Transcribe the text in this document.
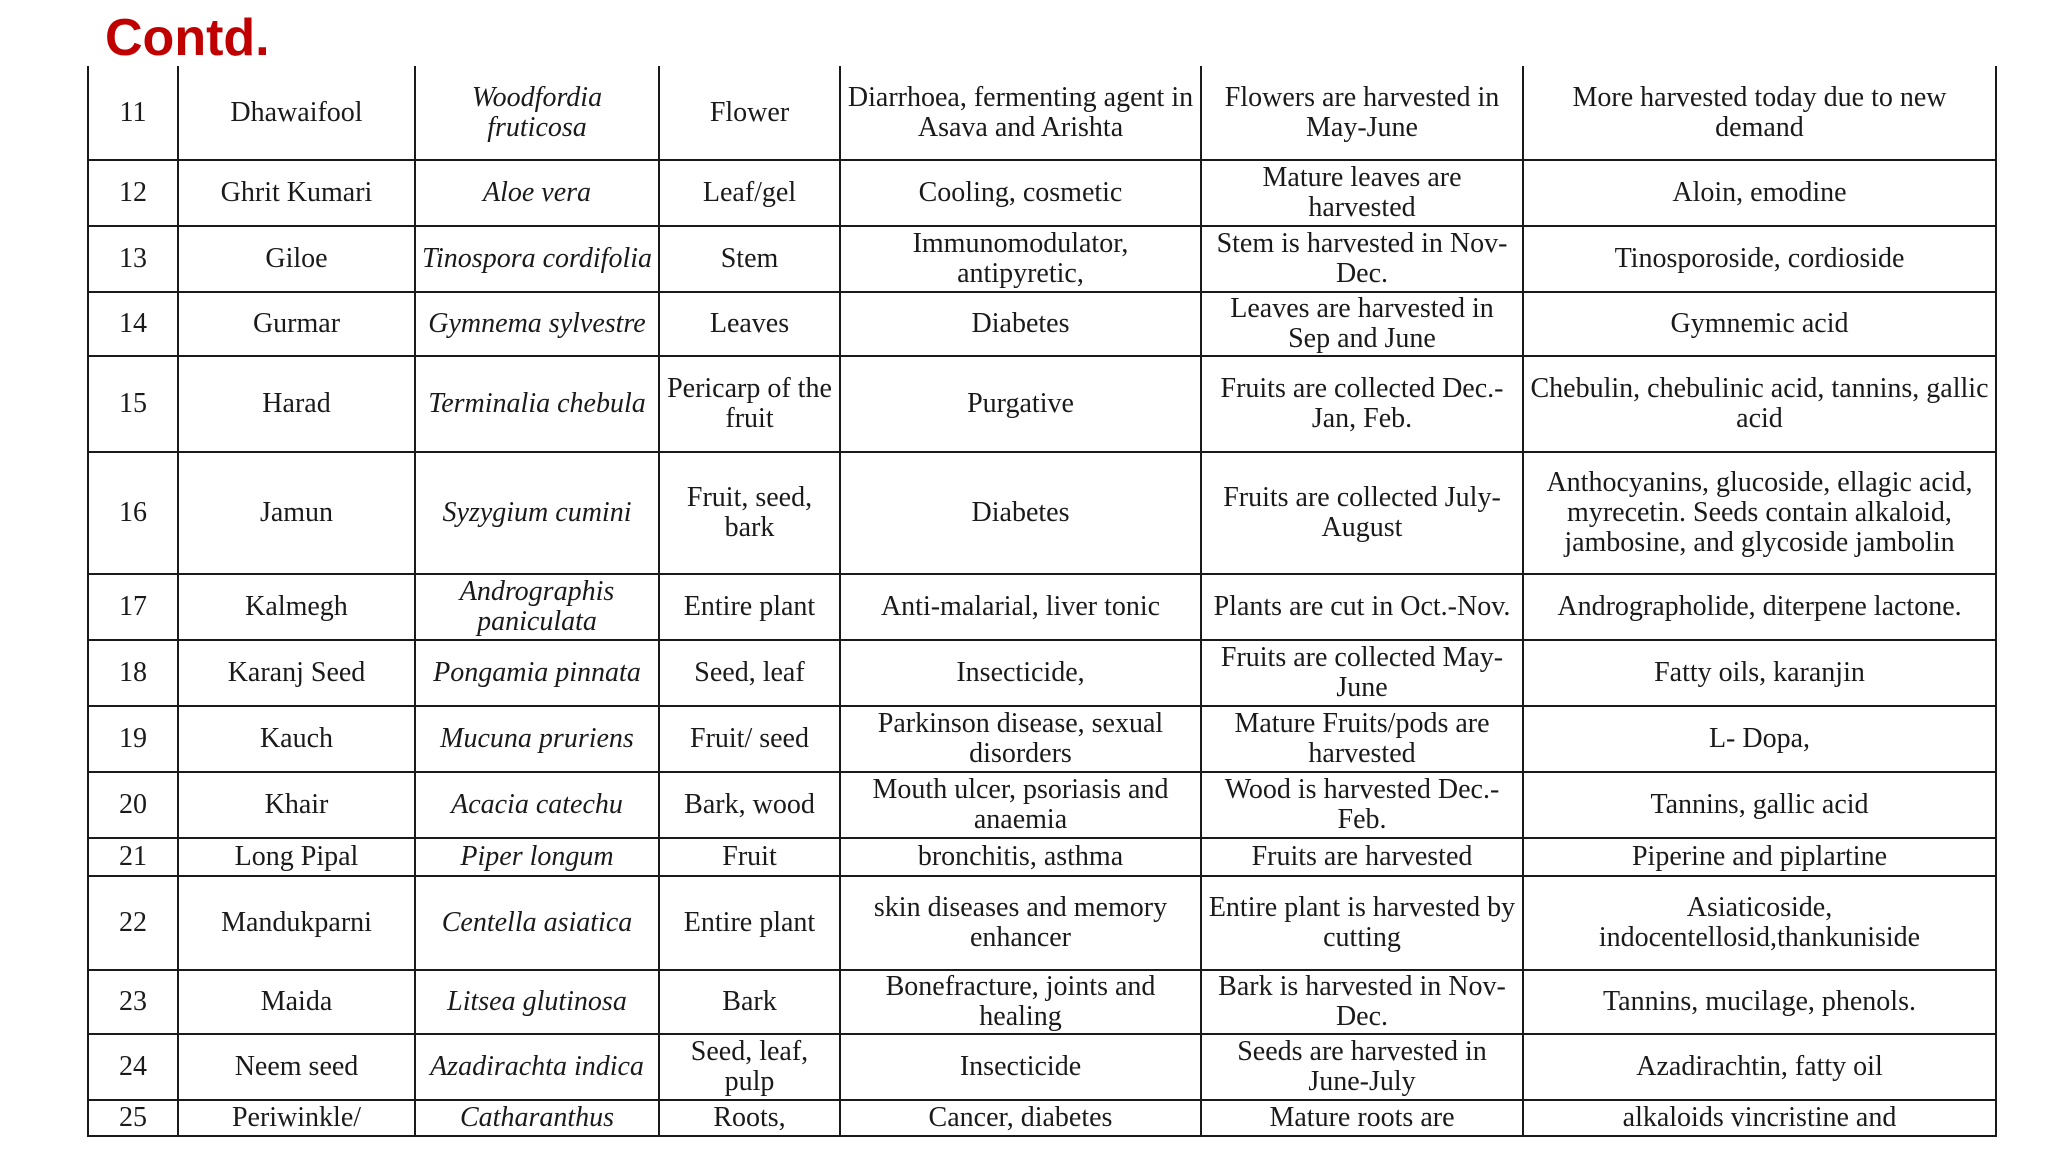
Contd.
11	Dhawaifool	Woodfordia fruticosa	Flower	Diarrhoea, fermenting agent in Asava and Arishta	Flowers are harvested in May-June	More harvested today due to new demand
12	Ghrit Kumari	Aloe vera	Leaf/gel	Cooling, cosmetic	Mature leaves are harvested	Aloin, emodine
13	Giloe	Tinospora cordifolia	Stem	Immunomodulator, antipyretic,	Stem is harvested in Nov-Dec.	Tinosporoside, cordioside
14	Gurmar	Gymnema sylvestre	Leaves	Diabetes	Leaves are harvested in Sep and June	Gymnemic acid
15	Harad	Terminalia chebula	Pericarp of the fruit	Purgative	Fruits are collected Dec.-Jan, Feb.	Chebulin, chebulinic acid, tannins, gallic acid
16	Jamun	Syzygium cumini	Fruit, seed, bark	Diabetes	Fruits are collected July-August	Anthocyanins, glucoside, ellagic acid, myrecetin. Seeds contain alkaloid, jambosine, and glycoside jambolin
17	Kalmegh	Andrographis paniculata	Entire plant	Anti-malarial, liver tonic	Plants are cut in Oct.-Nov.	Andrographolide, diterpene lactone.
18	Karanj Seed	Pongamia pinnata	Seed, leaf	Insecticide,	Fruits are collected May-June	Fatty oils, karanjin
19	Kauch	Mucuna pruriens	Fruit/ seed	Parkinson disease, sexual disorders	Mature Fruits/pods are harvested	L- Dopa,
20	Khair	Acacia catechu	Bark, wood	Mouth ulcer, psoriasis and anaemia	Wood is harvested Dec.-Feb.	Tannins, gallic acid
21	Long Pipal	Piper longum	Fruit	bronchitis, asthma	Fruits are harvested	Piperine and piplartine
22	Mandukparni	Centella asiatica	Entire plant	skin diseases and memory enhancer	Entire plant is harvested by cutting	Asiaticoside, indocentellosid,thankuniside
23	Maida	Litsea glutinosa	Bark	Bonefracture, joints and healing	Bark is harvested in Nov-Dec.	Tannins, mucilage, phenols.
24	Neem seed	Azadirachta indica	Seed, leaf, pulp	Insecticide	Seeds are harvested in June-July	Azadirachtin, fatty oil
25	Periwinkle/	Catharanthus	Roots,	Cancer, diabetes	Mature roots are	alkaloids vincristine and
